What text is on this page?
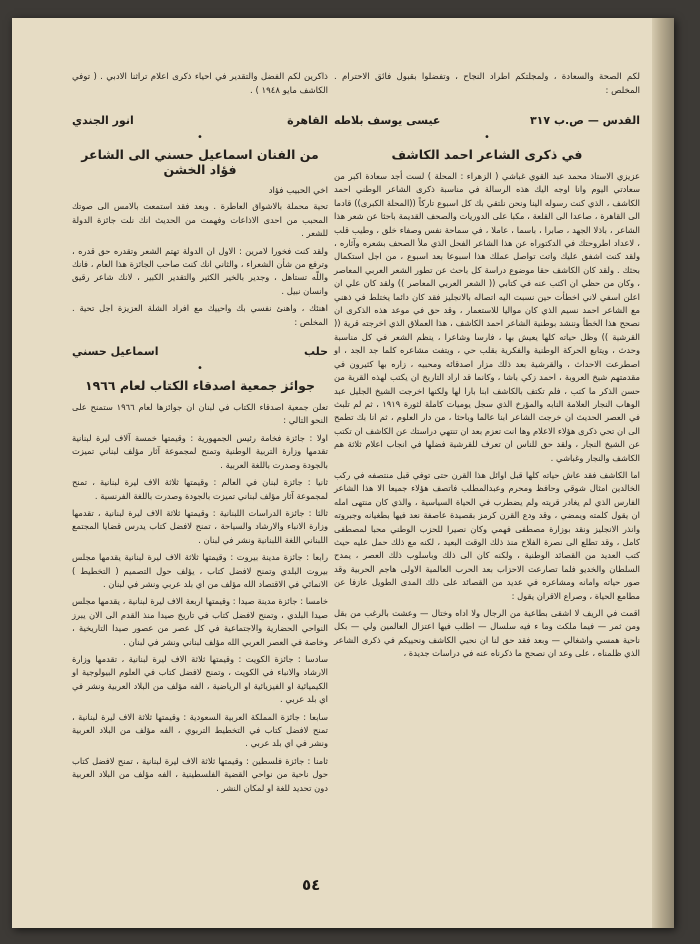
لكم الصحة والسعادة ، ولمجلتكم اطراد النجاح ، وتفضلوا بقبول فائق الاحترام . المخلص :

القدس — ص.ب ٣١٧
عيسى يوسف بلاطه
•
في ذكرى الشاعر احمد الكاشف

عزيزي الاستاذ محمد عبد القوي غباشي ( الزهراء : المحلة ) لست أجد سعادة اكبر من سعادتي اليوم وانا اوجه اليك هذه الرسالة في مناسبة ذكرى الشاعر الوطني احمد الكاشف ، الذي كنت رسوله الينا ونحن نلتقي بك كل اسبوع تاركاً ((المحلة الكبرى)) قادما الى القاهرة ، صاعدا الى القلعة ، مكبا على الدوريات والصحف القديمة باحثا عن شعر هذا الشاعر ، باذلا الجهد ، صابرا ، باسما ، عاملا ، في سماحة نفس وصفاء خلق ، وطيب قلب ، لاعداد اطروحتك في الدكتوراه عن هذا الشاعر الفحل الذي ملأ الصحف بشعره وآثاره ، ولقد كنت اشفق عليك واتت تواصل عملك هذا اسبوعا بعد اسبوع ، من اجل استكمال بحثك . ولقد كان الكاشف حقا موضوع دراسة كل باحث عن تطور الشعر العربي المعاصر ، وكان من حظي ان اكتب عنه في كتابي (( الشعر العربي المعاصر )) ولقد كان علي ان اعلن اسفي لاني اخطأت حين نسبت اليه اتصاله بالانجليز فقد كان دائما يختلط في ذهني مع الشاعر احمد نسيم الذي كان مواليا للاستعمار ، وقد حق في موعد هذه الذكرى ان نصحح هذا الخطأ وننشد بوطنية الشاعر احمد الكاشف ، هذا العملاق الذي اخرجته قرية (( القرشية )) وظل حياته كلها يعيش بها ، فارسا وشاعرا ، ينظم الشعر في كل مناسبة وحدث ، ويتابع الحركة الوطنية والفكرية بقلب حي ، ويتفت مشاعره كلما جد الجد ، او اصطرعت الاحداث ، والقرشية بعد ذلك مزار اصدقائه ومحبيه ، زاره بها كثيرون في مقدمتهم شيخ العروبة ، احمد زكي باشا ، وكانما قد اراد التاريخ ان يكتب لهذه القرية من حسن الذكر ما كتب ، فلم تكتف بالكاشف ابنا بارا لها ولكنها اخرجت الشيخ الجليل عبد الوهاب النجار العلامة النابه والمؤرخ الذي سجل يوميات كاملة لثورة ١٩١٩ ، ثم لم تلبث في العصر الحديث ان خرجت الشاعر ابنا عالما وباحثا ، من دار العلوم ، ثم انا بك تطمح الى ان تحي ذكرى هؤلاء الاعلام وها انت تعزم بعد ان تنتهي دراستك عن الكاشف ان تكتب عن الشيخ النجار ، ولقد حق للناس ان تعرف للقرشية فضلها في انجاب اعلام ثلاثة هم الكاشف والنجار وغباشي .

اما الكاشف فقد عاش حياته كلها قبل اوائل هذا القرن حتى توفي قبل منتصفه في ركب الخالدين امثال شوقي وحافظ ومحرم وعبدالمطلب فاتصف هؤلاء جميعا الا هذا الشاعر الفارس الذي لم يغادر قريته ولم يضطرب في الحياة السياسية ، والذي كان منتهى امله ان يقول كلمته ويمضي ، وقد ودع القرن كرمز بقصيدة عاصفة نعد فيها بطغيانه وجبروته وانذر الانجليز ونقد بوزارة مصطفى فهمي وكان نصيرا للحزب الوطني محبا لمصطفى كامل ، وقد تطلع الى نصرة الفلاح منذ ذلك الوقت البعيد ، لكنه مع ذلك حمل عليه حيث كتب العديد من القصائد الوطنية ، ولكنه كان الى ذلك وباسلوب ذلك العصر ، يمدح السلطان والخديو فلما تصارعت الاحزاب بعد الحرب العالمية الاولى هاجم الحربية وقد صور حياته وامانه ومشاعره في عديد من القصائد على ذلك المدى الطويل عازفا عن مطامع الحياة ، وصراع الاقران يقول :

اقمت في الريف لا اشقى بطاعية من الرجال ولا اداه وختال — وعشت بالرغب من بقل ومن ثمر — فيما ملكت وما ء فيه سلسال — اطلب فيها اعتزال العالمين ولي — بكل ناحية همسي واشغالي — وبعد فقد حق لنا ان نحيي الكاشف ونحييكم في ذكرى الشاعر الذي ظلمناه ، على وعد ان نصحح ما ذكرناه عنه في دراسات جديدة ،

ذاكرين لكم الفضل والتقدير في احياء ذكرى اعلام تراثنا الادبي . ( توفي الكاشف مايو ١٩٤٨ ) .

القاهرة
انور الجندي
•
من الفنان اسماعيل حسني الى الشاعر فؤاد الخشن

اخي الحبيب فؤاد

تحية محملة بالاشواق العاطرة . وبعد فقد استمعت بالامس الى صوتك المحبب من احدى الاذاعات وفهمت من الحديث انك نلت جائزة الدولة للشعر .

ولقد كنت فخورا لامرين : الاول ان الدولة تهتم الشعر وتقدره حق قدره ، وترفع من شأن الشعراء ، والثاني انك كنت صاحب الجائزة هذا العام ، فانك واللّه تستاهل ، وجدير بالخير الكثير والتقدير الكبير ، لانك شاعر رقيق وانسان نبيل .

اهنئك ، واهنئ نفسي بك واحييك مع افراد الشلة العزيزة اجل تحية . المخلص :

حلب
اسماعيل حسني
•
جوائز جمعية اصدقاء الكتاب لعام ١٩٦٦

تعلن جمعية اصدقاء الكتاب في لبنان ان جوائزها لعام ١٩٦٦ ستمنح على النحو التالي :

اولا : جائزة فخامة رئيس الجمهورية : وقيمتها خمسة آلاف ليرة لبنانية تقدمها وزارة التربية الوطنية وتمنح لمجموعة آثار مؤلف لبناني تميزت بالجودة وصدرت باللغة العربية .

ثانيا : جائزة لبنان في العالم : وقيمتها ثلاثة الاف ليرة لبنانية ، تمنح لمجموعة آثار مؤلف لبناني تميزت بالجودة وصدرت باللغة الفرنسية .

ثالثا : جائزة الدراسات اللبنانية : وقيمتها ثلاثة الاف ليرة لبنانية ، تقدمها وزارة الانباء والارشاد والسياحة ، تمنح لافضل كتاب يدرس قضايا المجتمع اللبناني اللغة اللبنانية ونشر في لبنان .

رابعا : جائزة مدينة بيروت : وقيمتها ثلاثة الاف ليرة لبنانية يقدمها مجلس بيروت البلدي وتمنح لافضل كتاب ، يؤلف حول التصميم ( التخطيط ) الانمائي في الاقتصاد الله مؤلف من اي بلد عربي ونشر في لبنان .

خامسا : جائزة مدينة صيدا : وقيمتها اربعة الاف ليرة لبنانية ، يقدمها مجلس صيدا البلدي ، وتمنح لافضل كتاب في تاريخ صيدا منذ القدم الى الان يبرز النواحي الحضارية والاجتماعية في كل عصر من عصور صيدا التاريخية ، وخاصة في العصر العربي الله مؤلف لبناني ونشر في لبنان .

سادسا : جائزة الكويت : وقيمتها ثلاثة الاف ليرة لبنانية ، تقدمها وزارة الارشاد والانباء في الكويت ، وتمنح لافضل كتاب في العلوم البيولوجية او الكيميائية او الفيزيائية او الرياضية ، الفه مؤلف من البلاد العربية ونشر في اي بلد عربي .

سابعا : جائزة المملكة العربية السعودية : وقيمتها ثلاثة الاف ليرة لبنانية ، تمنح لافضل كتاب في التخطيط التربوي ، الفه مؤلف من البلاد العربية ونشر في اي بلد عربي .

ثامنا : جائزة فلسطين : وقيمتها ثلاثة الاف ليرة لبنانية ، تمنح لافضل كتاب حول ناحية من نواحي القضية الفلسطينية ، الفه مؤلف من البلاد العربية دون تحديد للغة او لمكان النشر .

٥٤
